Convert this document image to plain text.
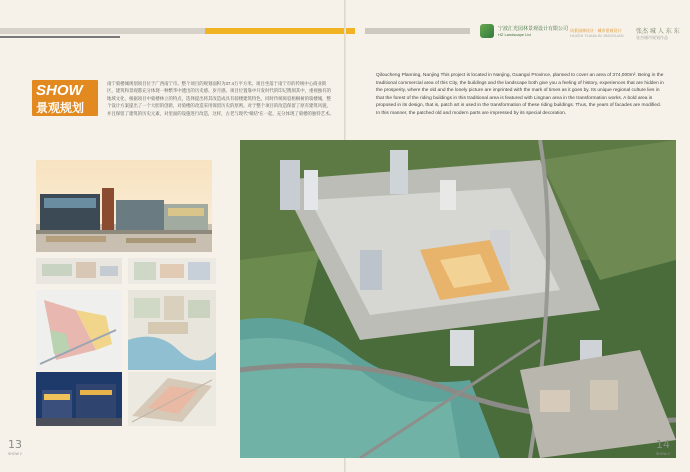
宁波汇光园林景观设计有限公司
HZ Landscape Ltd
风景园林设计 · 城市景观设计
HUIZHI YUANLIN JINGGUAN
张杰 城 人 东 东
张杰城市规划作品
SHOW
景观规划
南宁骑楼城规划项目位于广西南宁市。整个项目的规划面积为37.4万平方米。项目坐落于南宁市的传统中心商业街区，建筑和景观都充分体现一种繁华中透出的历史感、岁月感。项目位置靠中开发时代的印记镌刻其中，重视独有的地域文化，根据项目中骑楼林立的特点，选择提出将其改造成具有骑楼建筑特色，同时传统斑驳梧桐树的骑楼城，整个设计方案提出了一个大胆的创新，对骑楼的改造采用保留历史的原则。对于整个项目的改造保留了原有建筑风貌，并且保留了建筑的历史元素，对里面的设施进行改造，这样，古老与现代“相结”在一起，充分体现了骑楼的独特艺术。
Qiloucheng Planning, Nanjing This project is located in Nanjing, Guangxi Province, planned to cover an area of 374,000m². Being in the traditional commercial area of this City, the buildings and the landscape both give you a feeling of history, experiences that are hidden in the prosperity, where the old and the lonely picture are imprinted with the mark of times as it goes by. Its unique regional culture lies in that the forest of the riding buildings in this traditional area is featured with Lingnan area in the transformation works. A bold area is proposed in its design, that is, patch art is used in the transformation of these riding buildings. Thus, the years of facades are modified. In this manner, the patched old and modern parts are impressed by its special decoration.
13
SHOW 2
14
SHOW 2
